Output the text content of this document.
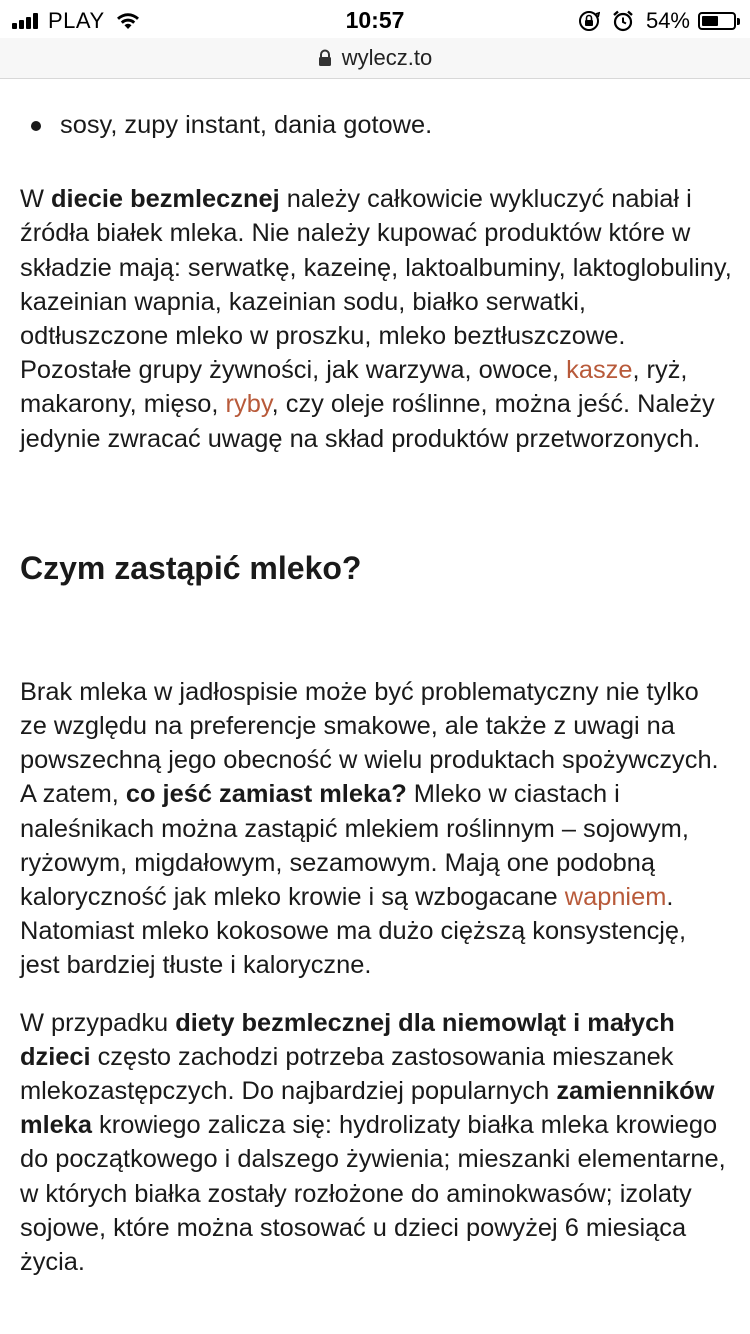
PLAY	10:57	54%
wylecz.to
sosy, zupy instant, dania gotowe.

W diecie bezmlecznej należy całkowicie wykluczyć nabiał i źródła białek mleka. Nie należy kupować produktów które w składzie mają: serwatkę, kazeinę, laktoalbuminy, laktoglobuliny, kazeinian wapnia, kazeinian sodu, białko serwatki, odtłuszczone mleko w proszku, mleko beztłuszczowe. Pozostałe grupy żywności, jak warzywa, owoce, kasze, ryż, makarony, mięso, ryby, czy oleje roślinne, można jeść. Należy jedynie zwracać uwagę na skład produktów przetworzonych.

Czym zastąpić mleko?

Brak mleka w jadłospisie może być problematyczny nie tylko ze względu na preferencje smakowe, ale także z uwagi na powszechną jego obecność w wielu produktach spożywczych. A zatem, co jeść zamiast mleka? Mleko w ciastach i naleśnikach można zastąpić mlekiem roślinnym – sojowym, ryżowym, migdałowym, sezamowym. Mają one podobną kaloryczność jak mleko krowie i są wzbogacane wapniem. Natomiast mleko kokosowe ma dużo cięższą konsystencję, jest bardziej tłuste i kaloryczne.

W przypadku diety bezmlecznej dla niemowląt i małych dzieci często zachodzi potrzeba zastosowania mieszanek mlekozastępczych. Do najbardziej popularnych zamienników mleka krowiego zalicza się: hydrolizaty białka mleka krowiego do początkowego i dalszego żywienia; mieszanki elementarne, w których białka zostały rozłożone do aminokwasów; izolaty sojowe, które można stosować u dzieci powyżej 6 miesiąca życia.
